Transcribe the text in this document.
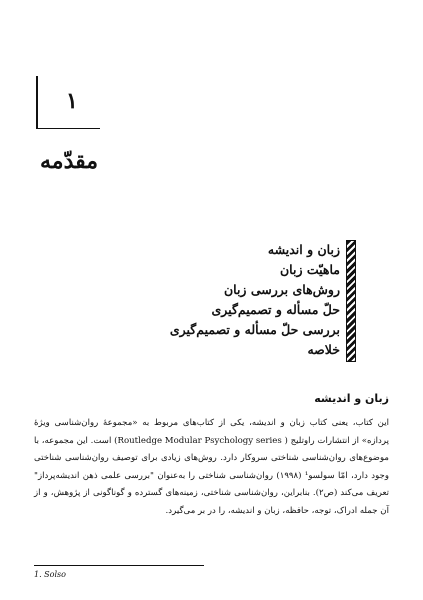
۱
مقدّمه
زبان و اندیشه
ماهیّت زبان
روش‌های بررسی زبان
حلّ مسأله و تصمیم‌گیری
بررسی حلّ مسأله و تصمیم‌گیری
خلاصه
زبان و اندیشه

این کتاب، یعنی کتاب زبان و اندیشه، یکی از کتاب‌های مربوط به «مجموعهٔ روان‌شناسی ویژهٔ پردازه» از انتشارات راوتلیج ( Routledge Modular Psychology series) است. این مجموعه، با موضوع‌های روان‌شناسی شناختی سروکار دارد. روش‌های زیادی برای توصیف روان‌شناسی شناختی وجود دارد، امّا سولسو¹ (۱۹۹۸) روان‌شناسی شناختی را به‌عنوان "بررسی علمی ذهن اندیشه‌پرداز" تعریف می‌کند (ص۲). بنابراین، روان‌شناسی شناختی، زمینه‌های گسترده و گوناگونی از پژوهش، و از آن جمله ادراک، توجه، حافظه، زبان و اندیشه، را در بر می‌گیرد.

1. Solso
